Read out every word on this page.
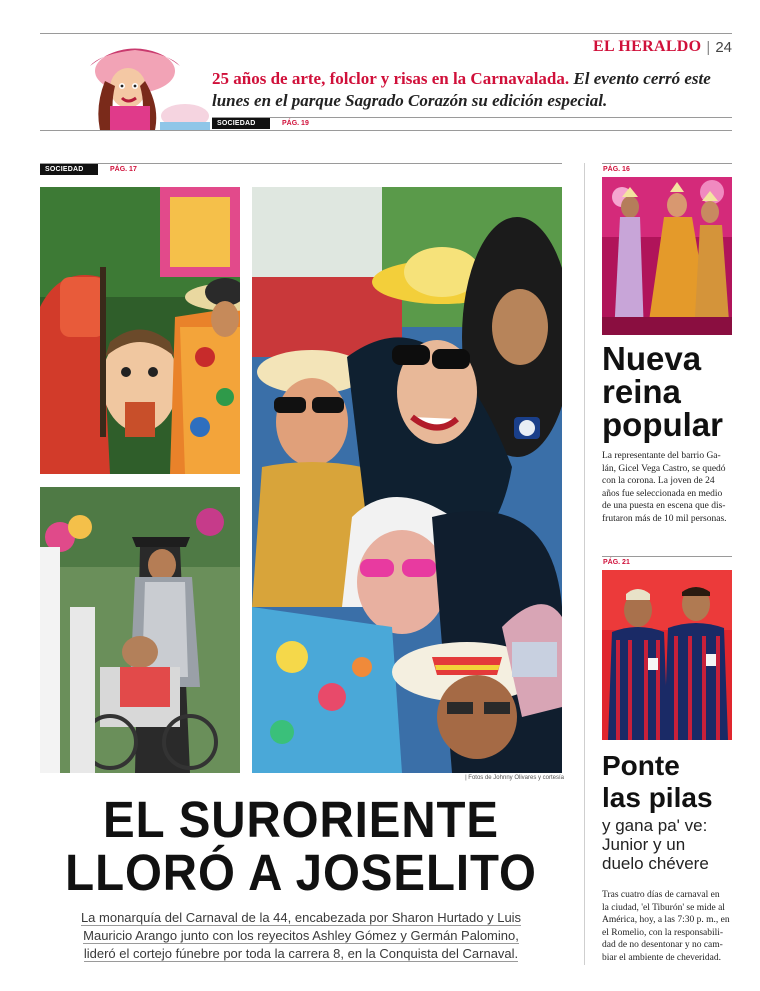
EL HERALDO | 24
25 años de arte, folclor y risas en la Carnavalada. El evento cerró este lunes en el parque Sagrado Corazón su edición especial.
SOCIEDAD	PÁG. 19
SOCIEDAD	PÁG. 17
| Fotos de Johnny Olivares y cortesía
EL SURORIENTE
LLORÓ A JOSELITO
La monarquía del Carnaval de la 44, encabezada por Sharon Hurtado y Luis
Mauricio Arango junto con los reyecitos Ashley Gómez y Germán Palomino,
lideró el cortejo fúnebre por toda la carrera 8, en la Conquista del Carnaval.
PÁG. 16
Nueva
reina
popular
La representante del barrio Ga-
lán, Gicel Vega Castro, se quedó
con la corona. La joven de 24
años fue seleccionada en medio
de una puesta en escena que dis-
frutaron más de 10 mil personas.
PÁG. 21
Ponte
las pilas
y gana pa' ve:
Junior y un
duelo chévere
Tras cuatro días de carnaval en
la ciudad, 'el Tiburón' se mide al
América, hoy, a las 7:30 p. m., en
el Romelio, con la responsabili-
dad de no desentonar y no cam-
biar el ambiente de cheveridad.
